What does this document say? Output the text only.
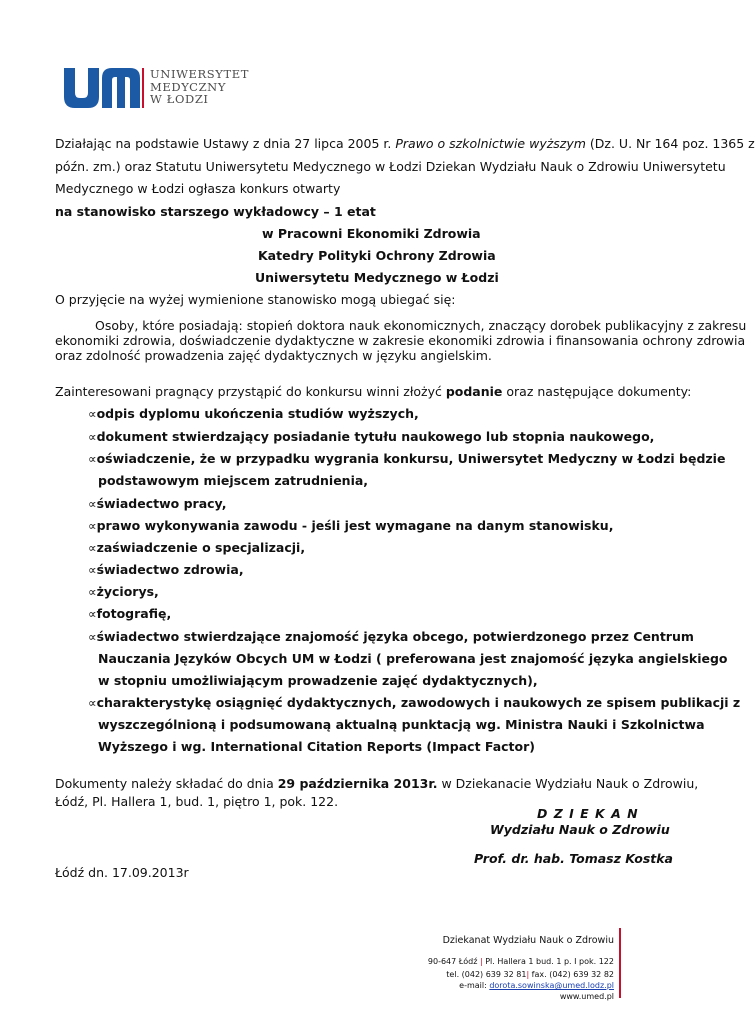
UNIWERSYTET
MEDYCZNY
W ŁODZI
Działając na podstawie Ustawy z dnia 27 lipca 2005 r. Prawo o szkolnictwie wyższym (Dz. U. Nr 164 poz. 1365 z
późn. zm.) oraz Statutu Uniwersytetu Medycznego w Łodzi Dziekan Wydziału Nauk o Zdrowiu Uniwersytetu
Medycznego w Łodzi ogłasza konkurs otwarty
na stanowisko starszego wykładowcy – 1 etat
w Pracowni Ekonomiki Zdrowia
Katedry Polityki Ochrony Zdrowia
Uniwersytetu Medycznego w Łodzi
O przyjęcie na wyżej wymienione stanowisko mogą ubiegać się:
Osoby, które posiadają: stopień doktora nauk ekonomicznych, znaczący dorobek publikacyjny z zakresu
ekonomiki zdrowia, doświadczenie dydaktyczne w zakresie ekonomiki zdrowia i finansowania ochrony zdrowia
oraz zdolność prowadzenia zajęć dydaktycznych w języku angielskim.
Zainteresowani pragnący przystąpić do konkursu winni złożyć podanie oraz następujące dokumenty:
∝odpis dyplomu ukończenia studiów wyższych,
∝dokument stwierdzający posiadanie tytułu naukowego lub stopnia naukowego,
∝oświadczenie, że w przypadku wygrania konkursu, Uniwersytet Medyczny w Łodzi będzie
podstawowym miejscem zatrudnienia,
∝świadectwo pracy,
∝prawo wykonywania zawodu - jeśli jest wymagane na danym stanowisku,
∝zaświadczenie o specjalizacji,
∝świadectwo zdrowia,
∝życiorys,
∝fotografię,
∝świadectwo stwierdzające znajomość języka obcego, potwierdzonego przez Centrum
Nauczania Języków Obcych UM w Łodzi ( preferowana jest znajomość języka angielskiego
w stopniu umożliwiającym prowadzenie zajęć dydaktycznych),
∝charakterystykę osiągnięć dydaktycznych, zawodowych i naukowych ze spisem publikacji z
wyszczególnioną i podsumowaną aktualną punktacją wg. Ministra Nauki i Szkolnictwa
Wyższego i wg. International Citation Reports (Impact Factor)
Dokumenty należy składać do dnia 29 października 2013r. w Dziekanacie Wydziału Nauk o Zdrowiu,
Łódź, Pl. Hallera 1, bud. 1, piętro 1, pok. 122.
D Z I E K A N
Wydziału Nauk o Zdrowiu
Prof. dr. hab. Tomasz Kostka
Łódź dn. 17.09.2013r
Dziekanat Wydziału Nauk o Zdrowiu
90-647 Łódź | Pl. Hallera 1 bud. 1 p. I pok. 122
tel. (042) 639 32 81| fax. (042) 639 32 82
e-mail: dorota.sowinska@umed.lodz.pl
www.umed.pl
